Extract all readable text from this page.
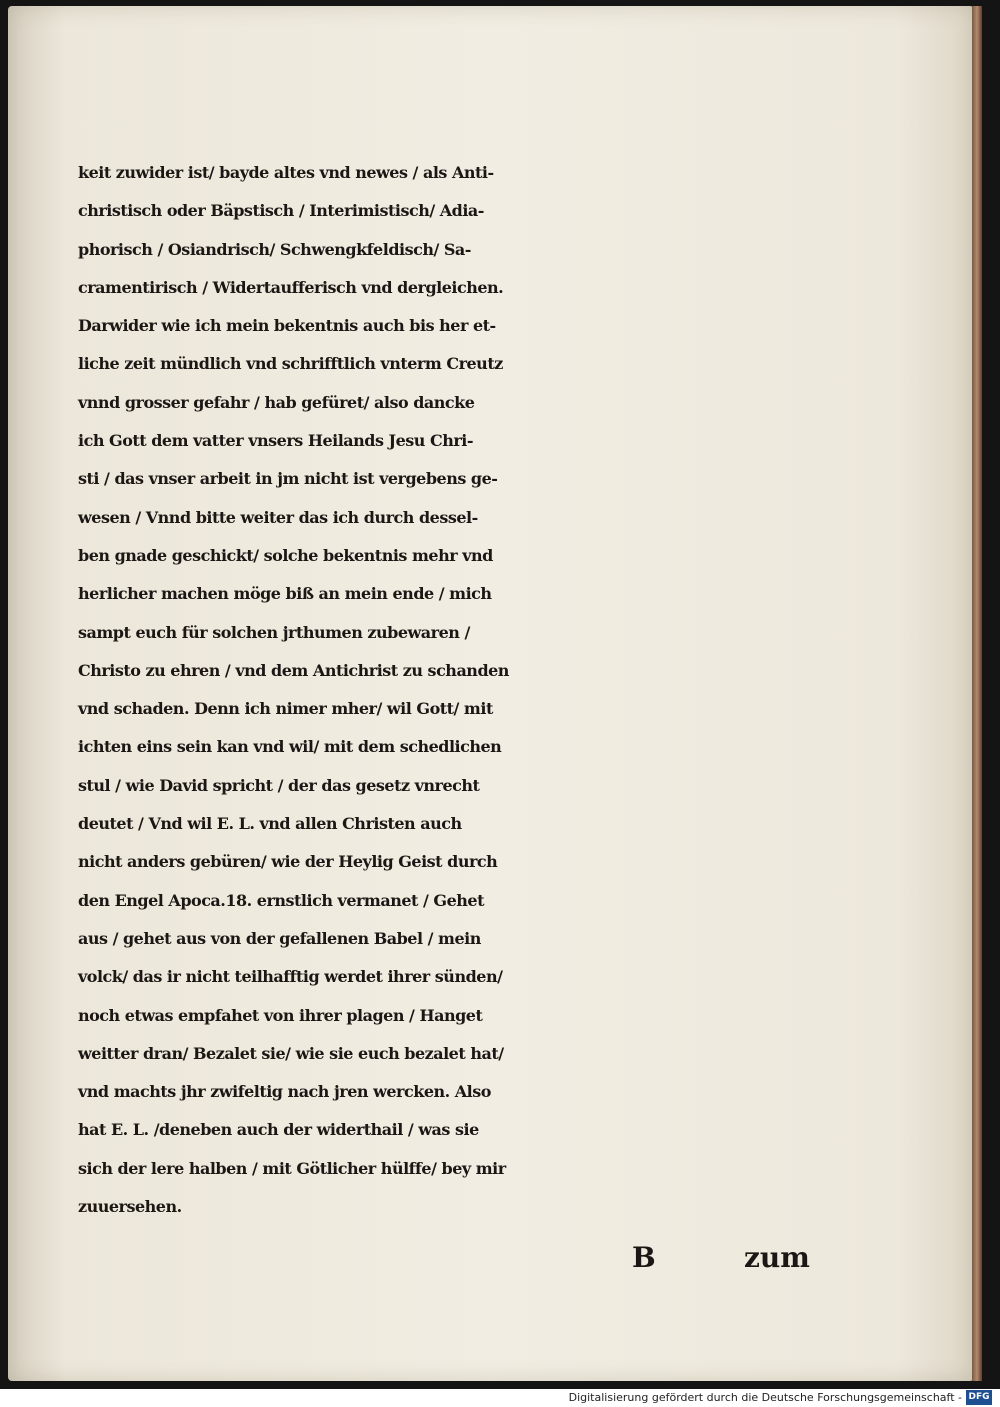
keit zuwider ist/ bayde altes vnd newes / als Anti-
christisch oder Bäpstisch / Interimistisch/ Adia-
phorisch / Osiandrisch/ Schwengkfeldisch/ Sa-
cramentirisch / Widertaufferisch vnd dergleichen.
Darwider wie ich mein bekentnis auch bis her et-
liche zeit mündlich vnd schrifftlich vnterm Creutz
vnnd grosser gefahr / hab gefüret/ also dancke
ich Gott dem vatter vnsers Heilands Jesu Chri-
sti / das vnser arbeit in jm nicht ist vergebens ge-
wesen / Vnnd bitte weiter das ich durch dessel-
ben gnade geschickt/ solche bekentnis mehr vnd
herlicher machen möge biß an mein ende / mich
sampt euch für solchen jrthumen zubewaren /
Christo zu ehren / vnd dem Antichrist zu schanden
vnd schaden. Denn ich nimer mher/ wil Gott/ mit
ichten eins sein kan vnd wil/ mit dem schedlichen
stul / wie David spricht / der das gesetz vnrecht
deutet / Vnd wil E. L. vnd allen Christen auch
nicht anders gebüren/ wie der Heylig Geist durch
den Engel Apoca.18. ernstlich vermanet / Gehet
aus / gehet aus von der gefallenen Babel / mein
volck/ das ir nicht teilhafftig werdet ihrer sünden/
noch etwas empfahet von ihrer plagen / Hanget
weitter dran/ Bezalet sie/ wie sie euch bezalet hat/
vnd machts jhr zwifeltig nach jren wercken. Also
hat E. L. /deneben auch der widerthail / was sie
sich der lere halben / mit Götlicher hülffe/ bey mir
zuuersehen.
B	zum
Digitalisierung gefördert durch die Deutsche Forschungsgemeinschaft - DFG
